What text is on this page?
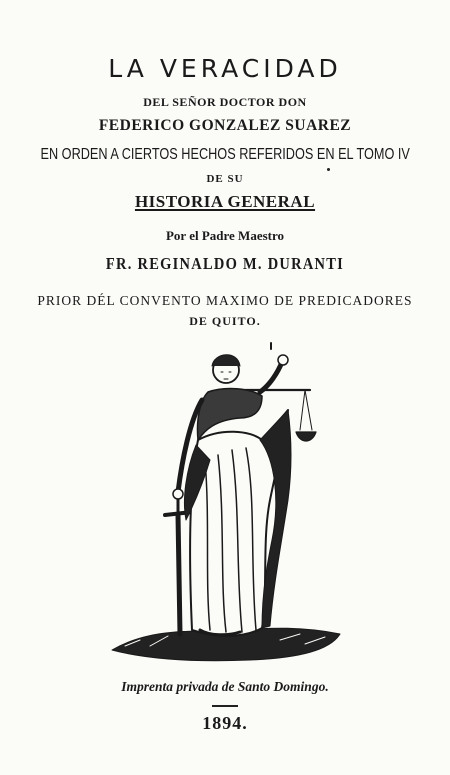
LA VERACIDAD
DEL SEÑOR DOCTOR DON
FEDERICO GONZALEZ SUAREZ
EN ORDEN A CIERTOS HECHOS REFERIDOS EN EL TOMO IV
DE SU
HISTORIA GENERAL
Por el Padre Maestro
FR. REGINALDO M. DURANTI
PRIOR DÉL CONVENTO MAXIMO DE PREDICADORES
DE QUITO.
Imprenta privada de Santo Domingo.
1894.
